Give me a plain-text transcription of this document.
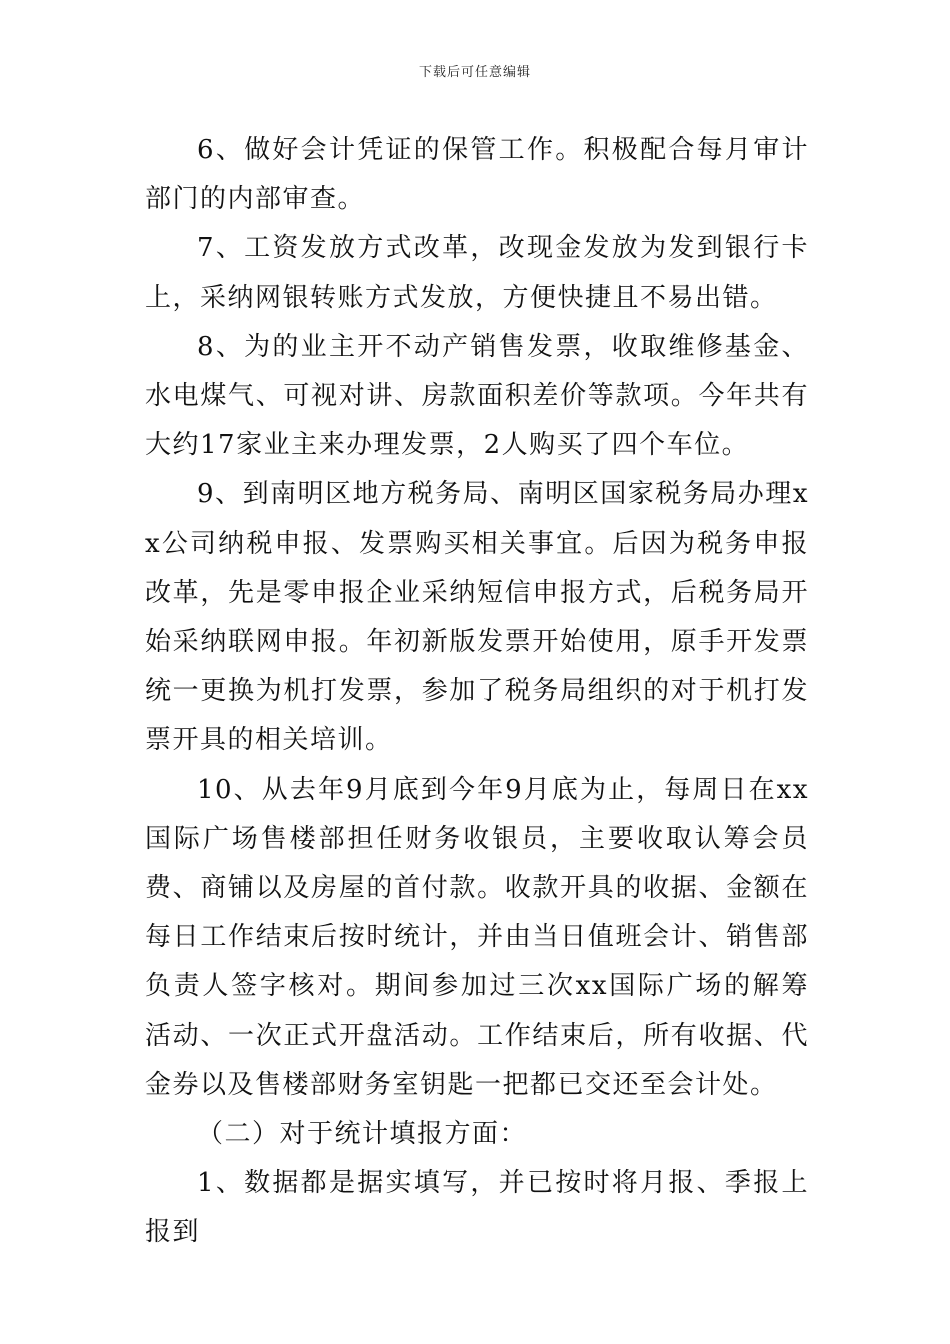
下载后可任意编辑

6、做好会计凭证的保管工作。积极配合每月审计部门的内部审查。

7、工资发放方式改革，改现金发放为发到银行卡上，采纳网银转账方式发放，方便快捷且不易出错。

8、为的业主开不动产销售发票，收取维修基金、水电煤气、可视对讲、房款面积差价等款项。今年共有大约17家业主来办理发票，2人购买了四个车位。

9、到南明区地方税务局、南明区国家税务局办理xx公司纳税申报、发票购买相关事宜。后因为税务申报改革，先是零申报企业采纳短信申报方式，后税务局开始采纳联网申报。年初新版发票开始使用，原手开发票统一更换为机打发票，参加了税务局组织的对于机打发票开具的相关培训。

10、从去年9月底到今年9月底为止，每周日在xx国际广场售楼部担任财务收银员，主要收取认筹会员费、商铺以及房屋的首付款。收款开具的收据、金额在每日工作结束后按时统计，并由当日值班会计、销售部负责人签字核对。期间参加过三次xx国际广场的解筹活动、一次正式开盘活动。工作结束后，所有收据、代金券以及售楼部财务室钥匙一把都已交还至会计处。

（二）对于统计填报方面：

1、数据都是据实填写，并已按时将月报、季报上报到
